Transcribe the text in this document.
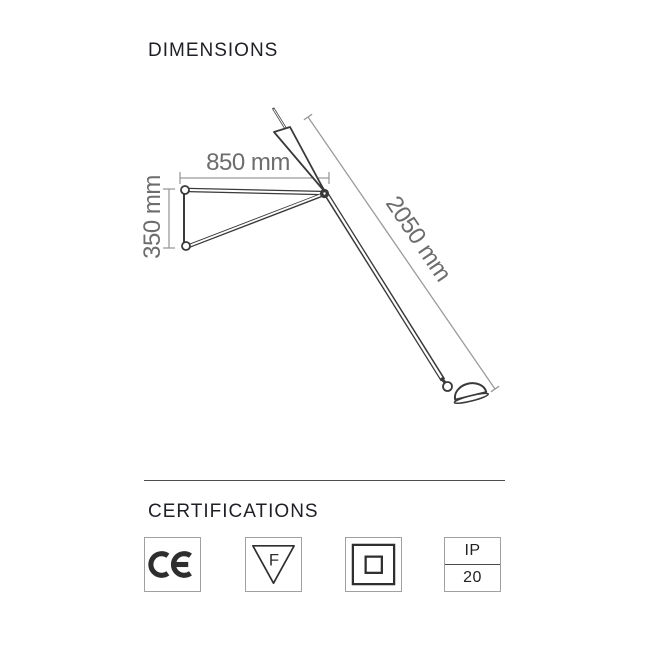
DIMENSIONS
850 mm
350 mm	2050 mm
CERTIFICATIONS
F	IP
20
